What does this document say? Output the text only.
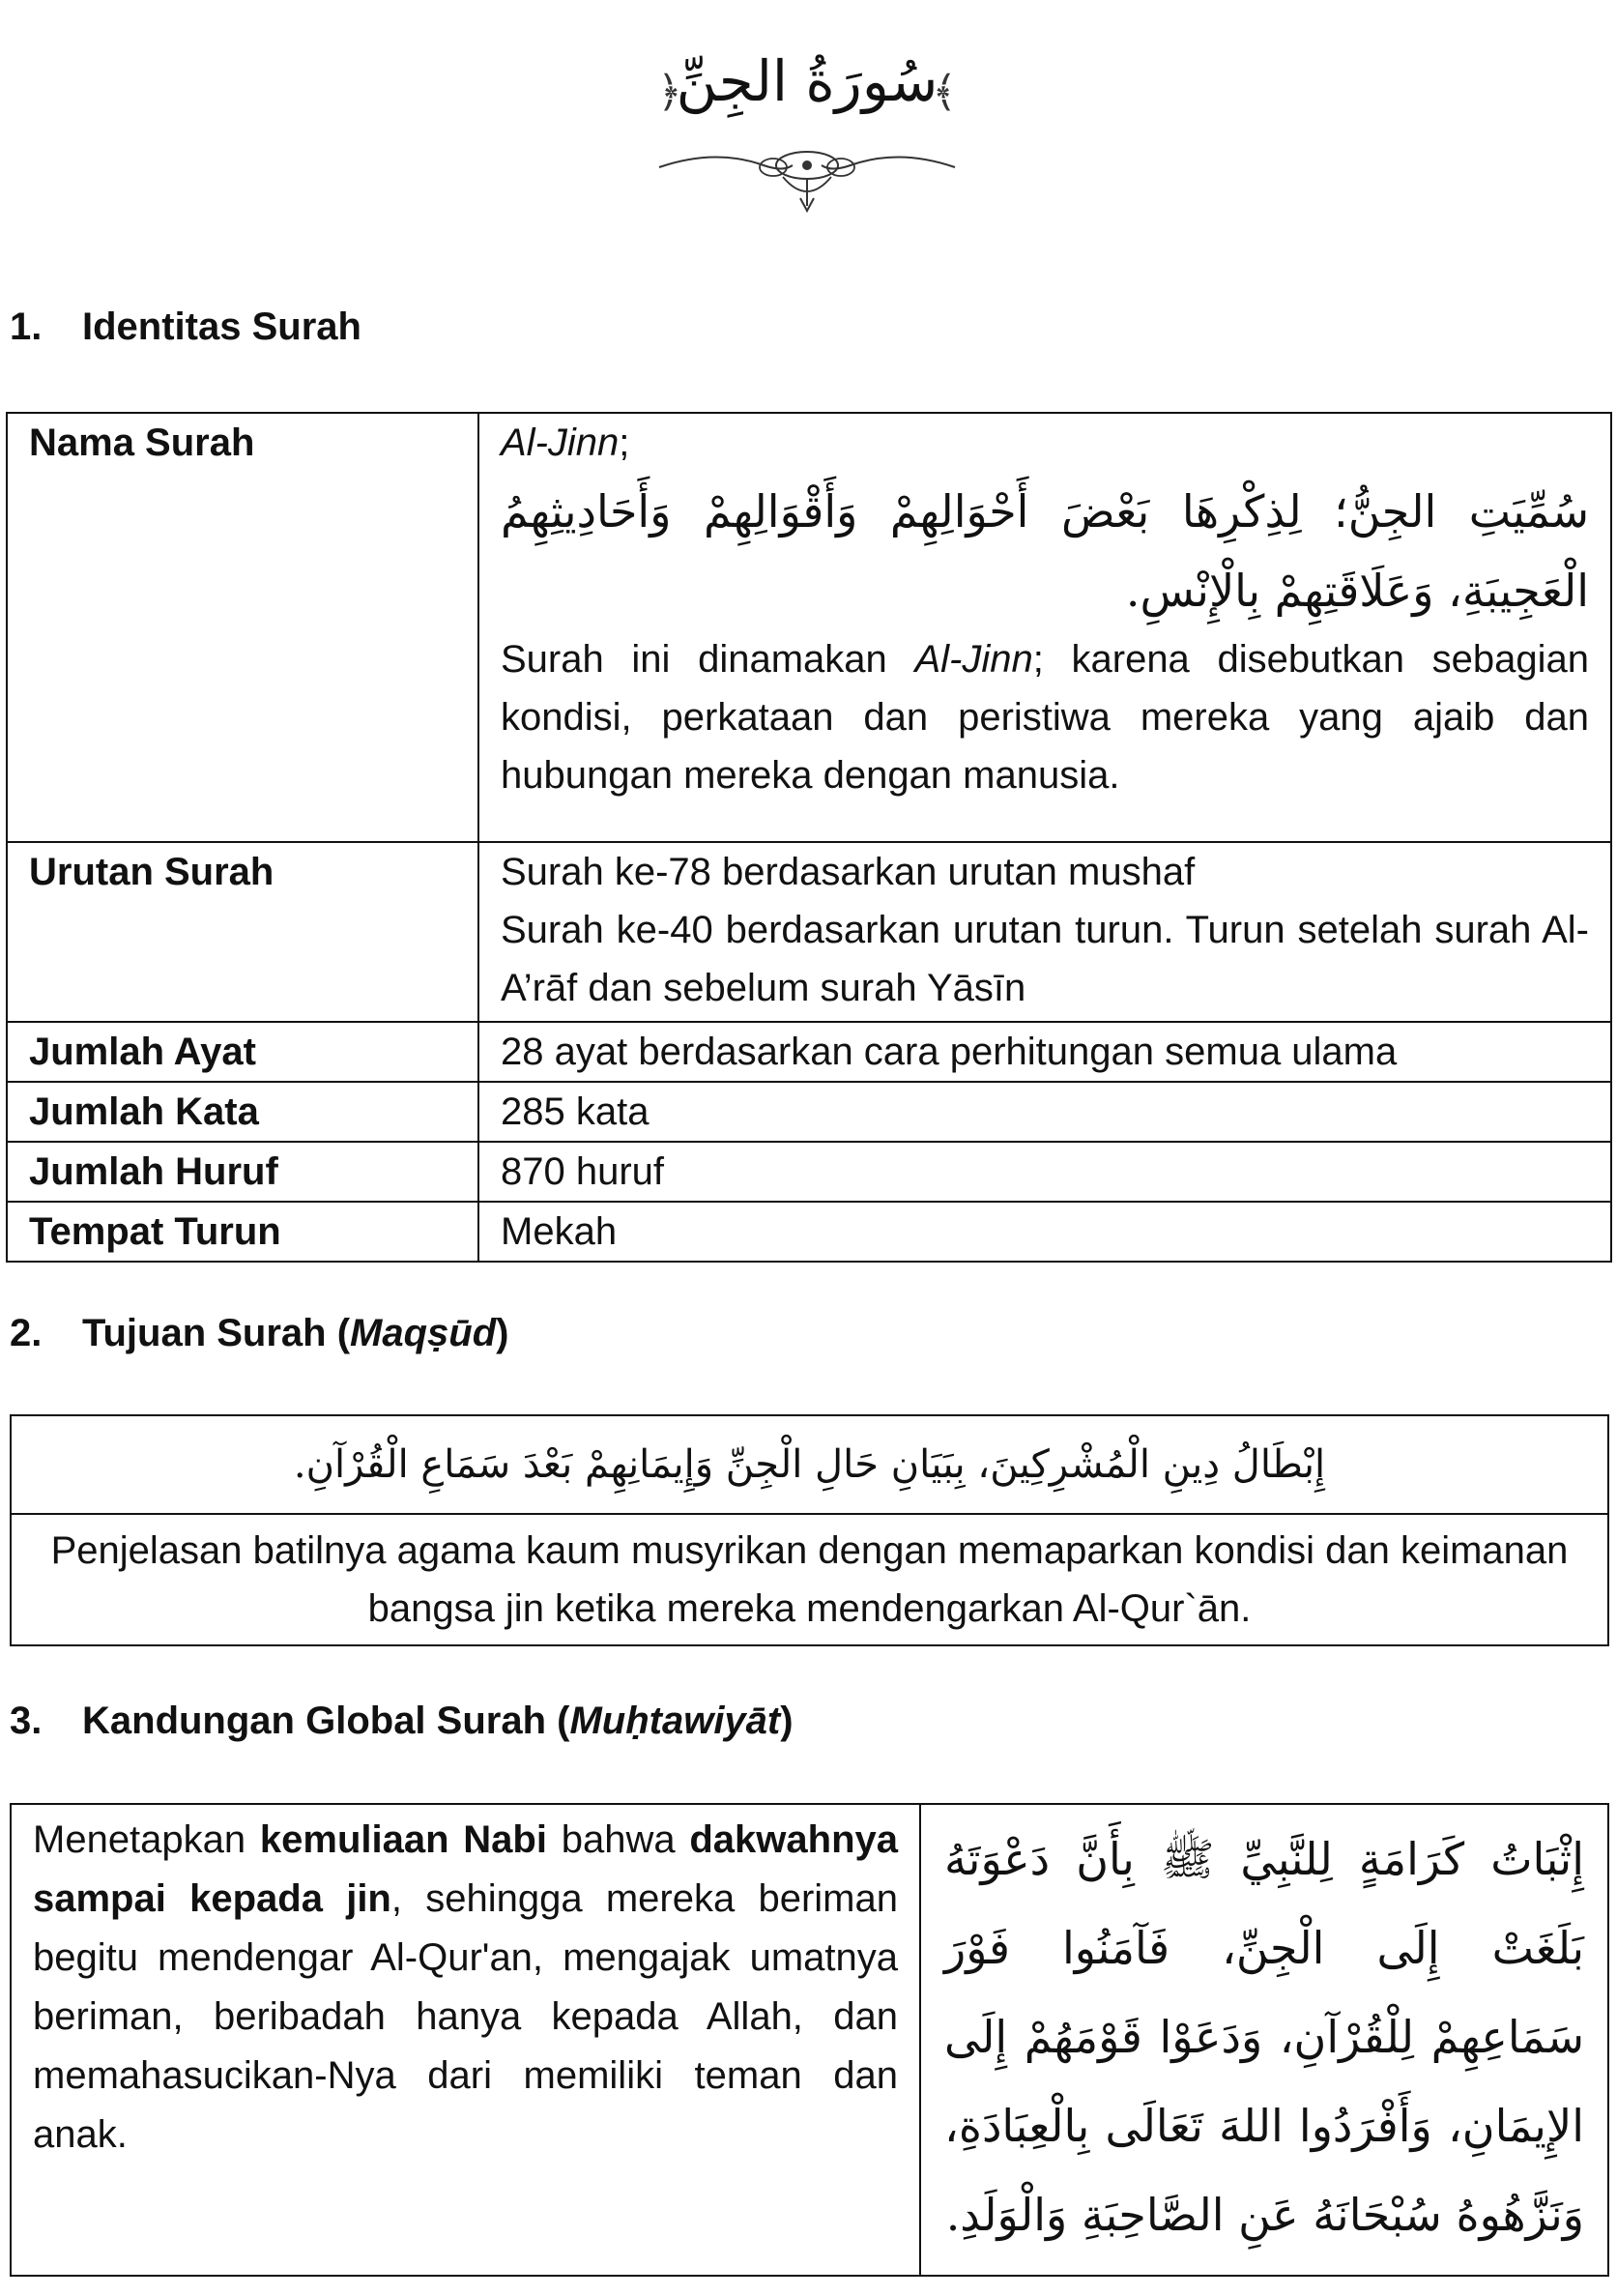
﴿
سُورَةُ الجِنِّ
﴾
1. Identitas Surah
Nama Surah	Al-Jinn;
سُمِّيَتِ الجِنُّ؛ لِذِكْرِهَا بَعْضَ أَحْوَالِهِمْ وَأَقْوَالِهِمْ وَأَحَادِيثِهِمُ الْعَجِيبَةِ، وَعَلَاقَتِهِمْ بِالْإِنْسِ.
Surah ini dinamakan Al-Jinn; karena disebutkan sebagian kondisi, perkataan dan peristiwa mereka yang ajaib dan hubungan mereka dengan manusia.

Urutan Surah	Surah ke-78 berdasarkan urutan mushaf
Surah ke-40 berdasarkan urutan turun. Turun setelah surah Al-A’rāf dan sebelum surah Yāsīn

Jumlah Ayat	28 ayat berdasarkan cara perhitungan semua ulama
Jumlah Kata	285 kata
Jumlah Huruf	870 huruf
Tempat Turun	Mekah
2. Tujuan Surah (Maqṣūd)
إِبْطَالُ دِينِ الْمُشْرِكِينَ، بِبَيَانِ حَالِ الْجِنِّ وَإِيمَانِهِمْ بَعْدَ سَمَاعِ الْقُرْآنِ.
Penjelasan batilnya agama kaum musyrikan dengan memaparkan kondisi dan keimanan bangsa jin ketika mereka mendengarkan Al-Qur`ān.
3. Kandungan Global Surah (Muḥtawiyāt)
Menetapkan kemuliaan Nabi bahwa dakwahnya sampai kepada jin, sehingga mereka beriman begitu mendengar Al-Qur'an, mengajak umatnya beriman, beribadah hanya kepada Allah, dan memahasucikan-Nya dari memiliki teman dan anak.	إِثْبَاتُ كَرَامَةٍ لِلنَّبِيِّ ﷺ بِأَنَّ دَعْوَتَهُ بَلَغَتْ إِلَى الْجِنِّ، فَآمَنُوا فَوْرَ سَمَاعِهِمْ لِلْقُرْآنِ، وَدَعَوْا قَوْمَهُمْ إِلَى الإِيمَانِ، وَأَفْرَدُوا اللهَ تَعَالَى بِالْعِبَادَةِ، وَنَزَّهُوهُ سُبْحَانَهُ عَنِ الصَّاحِبَةِ وَالْوَلَدِ.
